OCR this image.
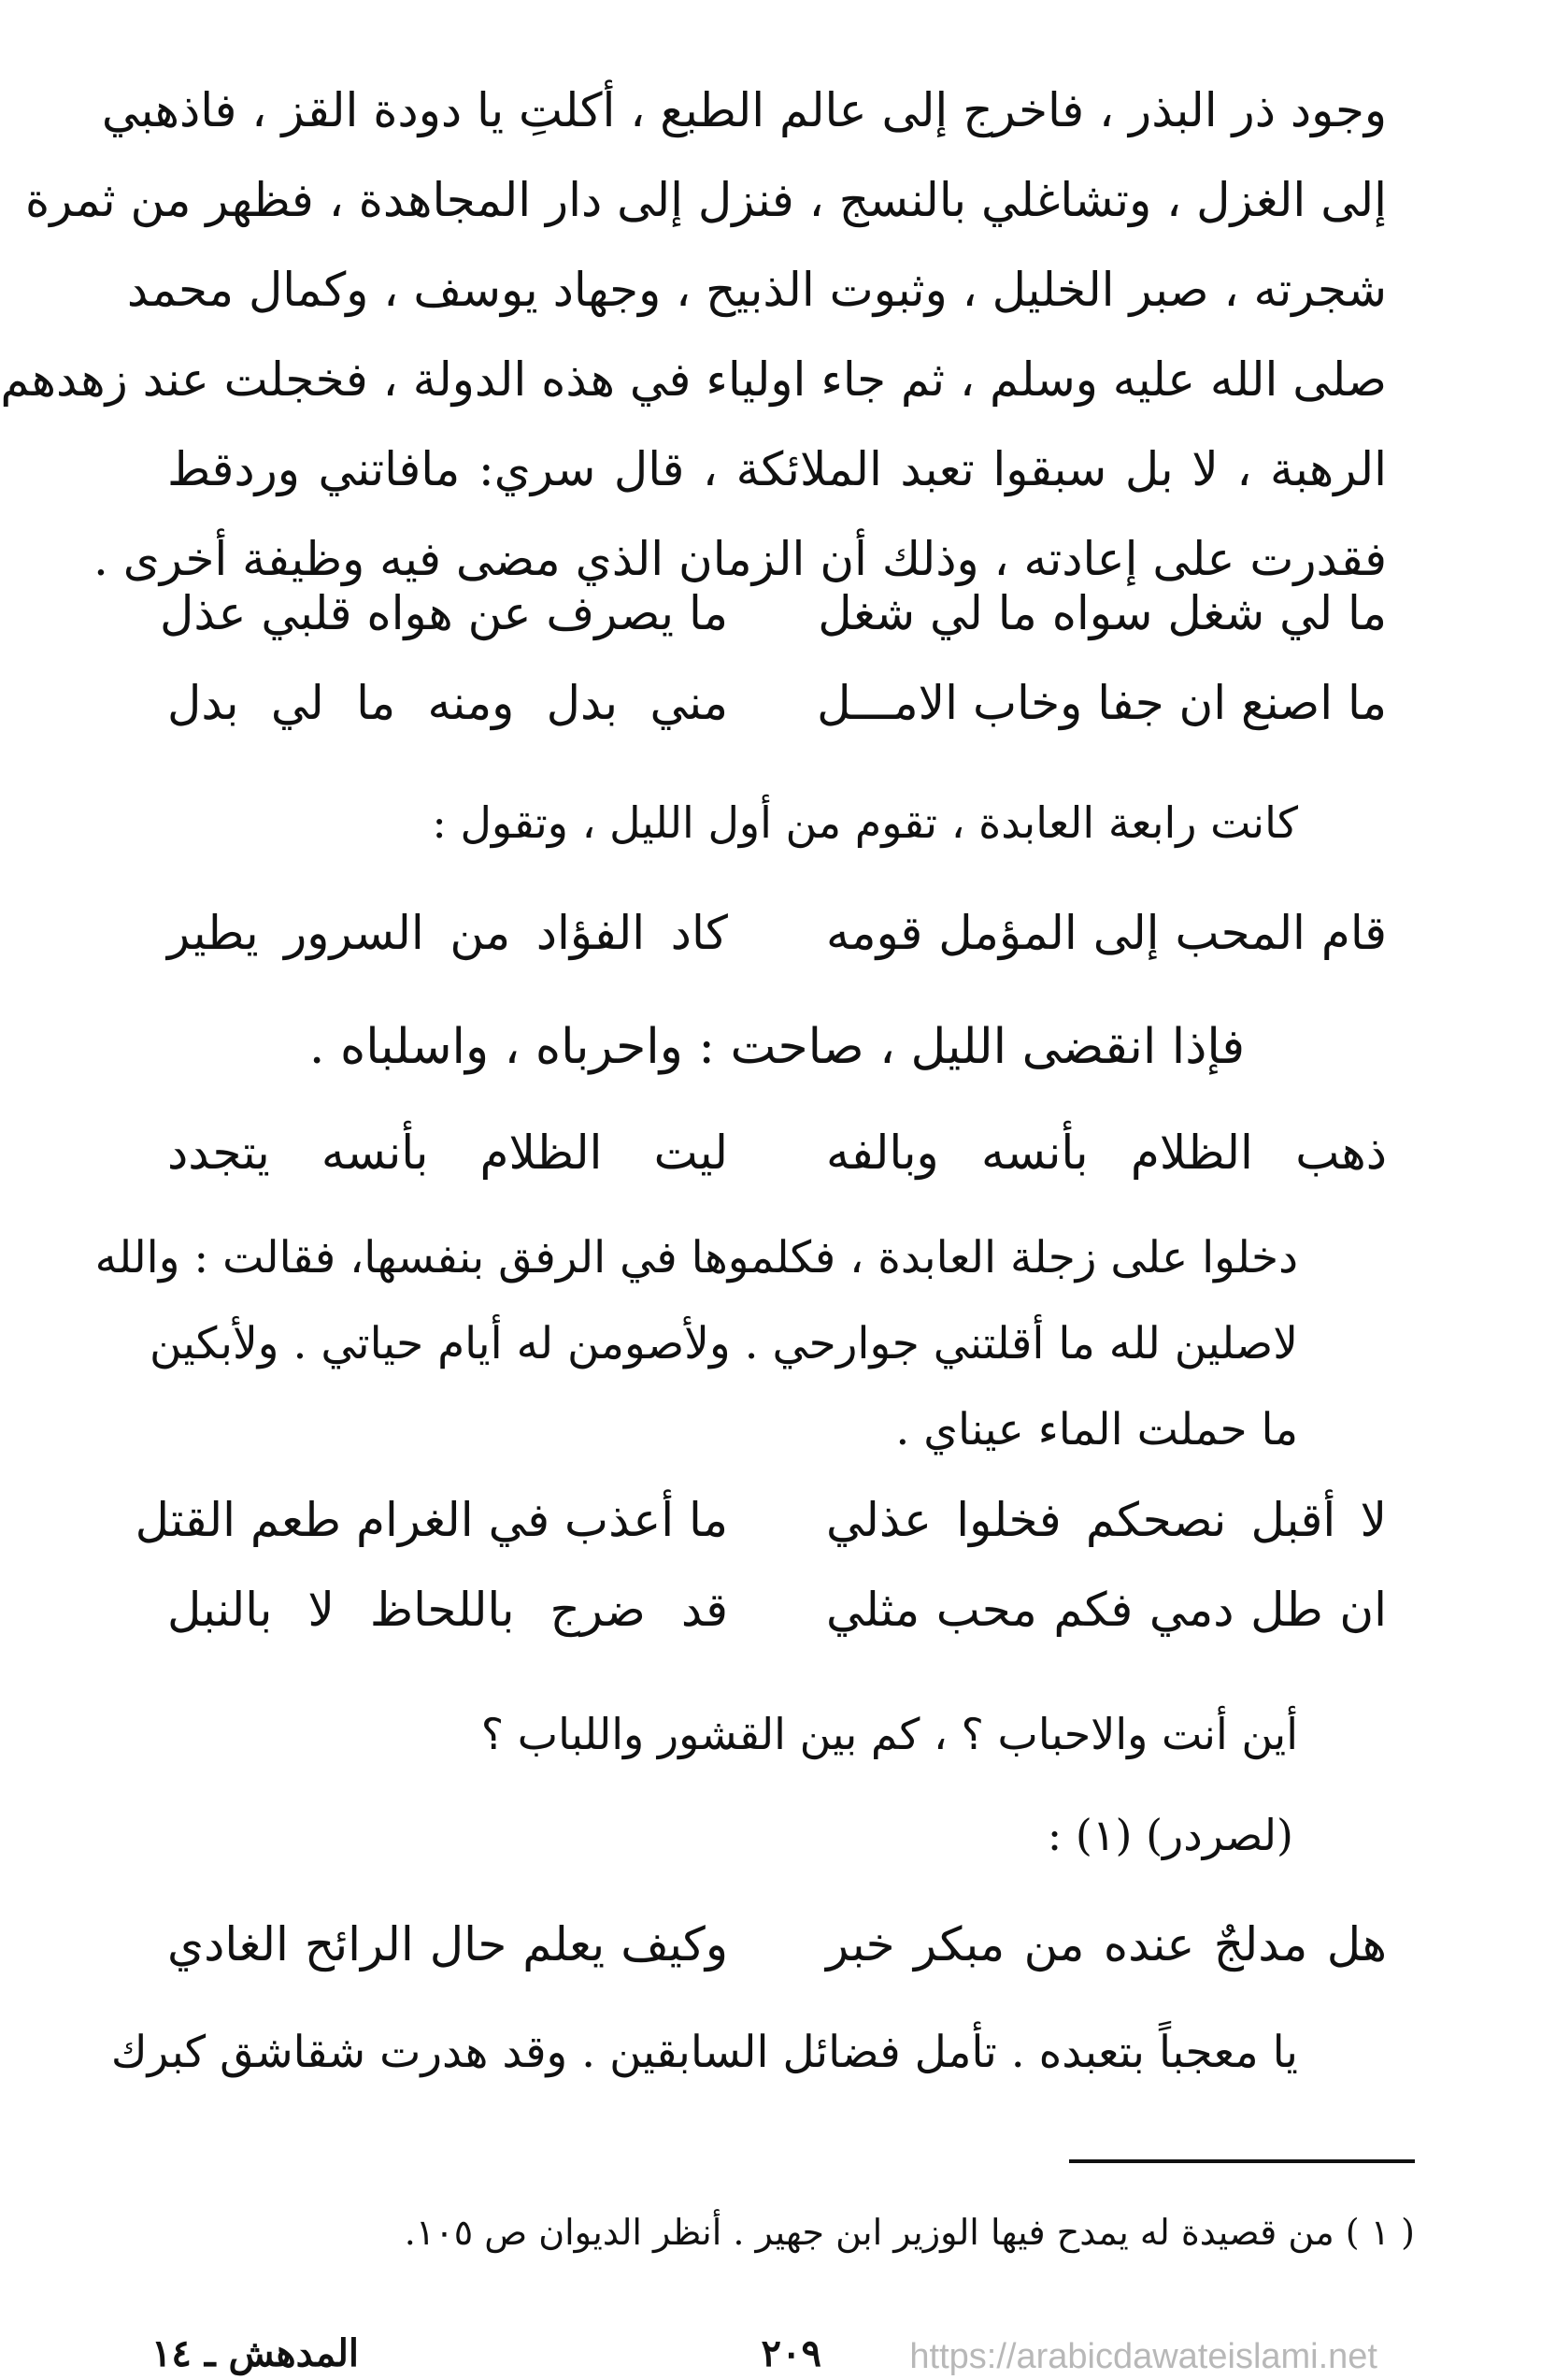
وجود ذر البذر ، فاخرج إلى عالم الطبع ، أكلتِ يا دودة القز ، فاذهبي
إلى الغزل ، وتشاغلي بالنسج ، فنزل إلى دار المجاهدة ، فظهر من ثمرة
شجرته ، صبر الخليل ، وثبوت الذبيح ، وجهاد يوسف ، وكمال محمد
صلى الله عليه وسلم ، ثم جاء اولياء في هذه الدولة ، فخجلت عند زهدهم
الرهبة ، لا بل سبقوا تعبد الملائكة ، قال سري: مافاتني وردقط
فقدرت على إعادته ، وذلك أن الزمان الذي مضى فيه وظيفة أخرى .
ما لي شغل سواه ما لي شغل
ما يصرف عن هواه قلبي عذل
ما اصنع ان جفا وخاب الامـــل
مني بدل ومنه ما لي بدل
كانت رابعة العابدة ، تقوم من أول الليل ، وتقول :
قام المحب إلى المؤمل قومه
كاد الفؤاد من السرور يطير
فإذا انقضى الليل ، صاحت : واحرباه ، واسلباه .
ذهب الظلام بأنسه وبالفه
ليت الظلام بأنسه يتجدد
دخلوا على زجلة العابدة ، فكلموها في الرفق بنفسها، فقالت : والله
لاصلين لله ما أقلتني جوارحي . ولأصومن له أيام حياتي . ولأبكين
ما حملت الماء عيناي .
لا أقبل نصحكم فخلوا عذلي
ما أعذب في الغرام طعم القتل
ان طل دمي فكم محب مثلي
قد ضرج باللحاظ لا بالنبل
أين أنت والاحباب ؟ ، كم بين القشور واللباب ؟
(لصردر) (١) :
هل مدلجٌ عنده من مبكر خبر
وكيف يعلم حال الرائح الغادي
يا معجباً بتعبده . تأمل فضائل السابقين . وقد هدرت شقاشق كبرك
( ١ ) من قصيدة له يمدح فيها الوزير ابن جهير . أنظر الديوان ص ١٠٥.
المدهش ـ ١٤	٢٠٩ https://arabicdawateislami.net
